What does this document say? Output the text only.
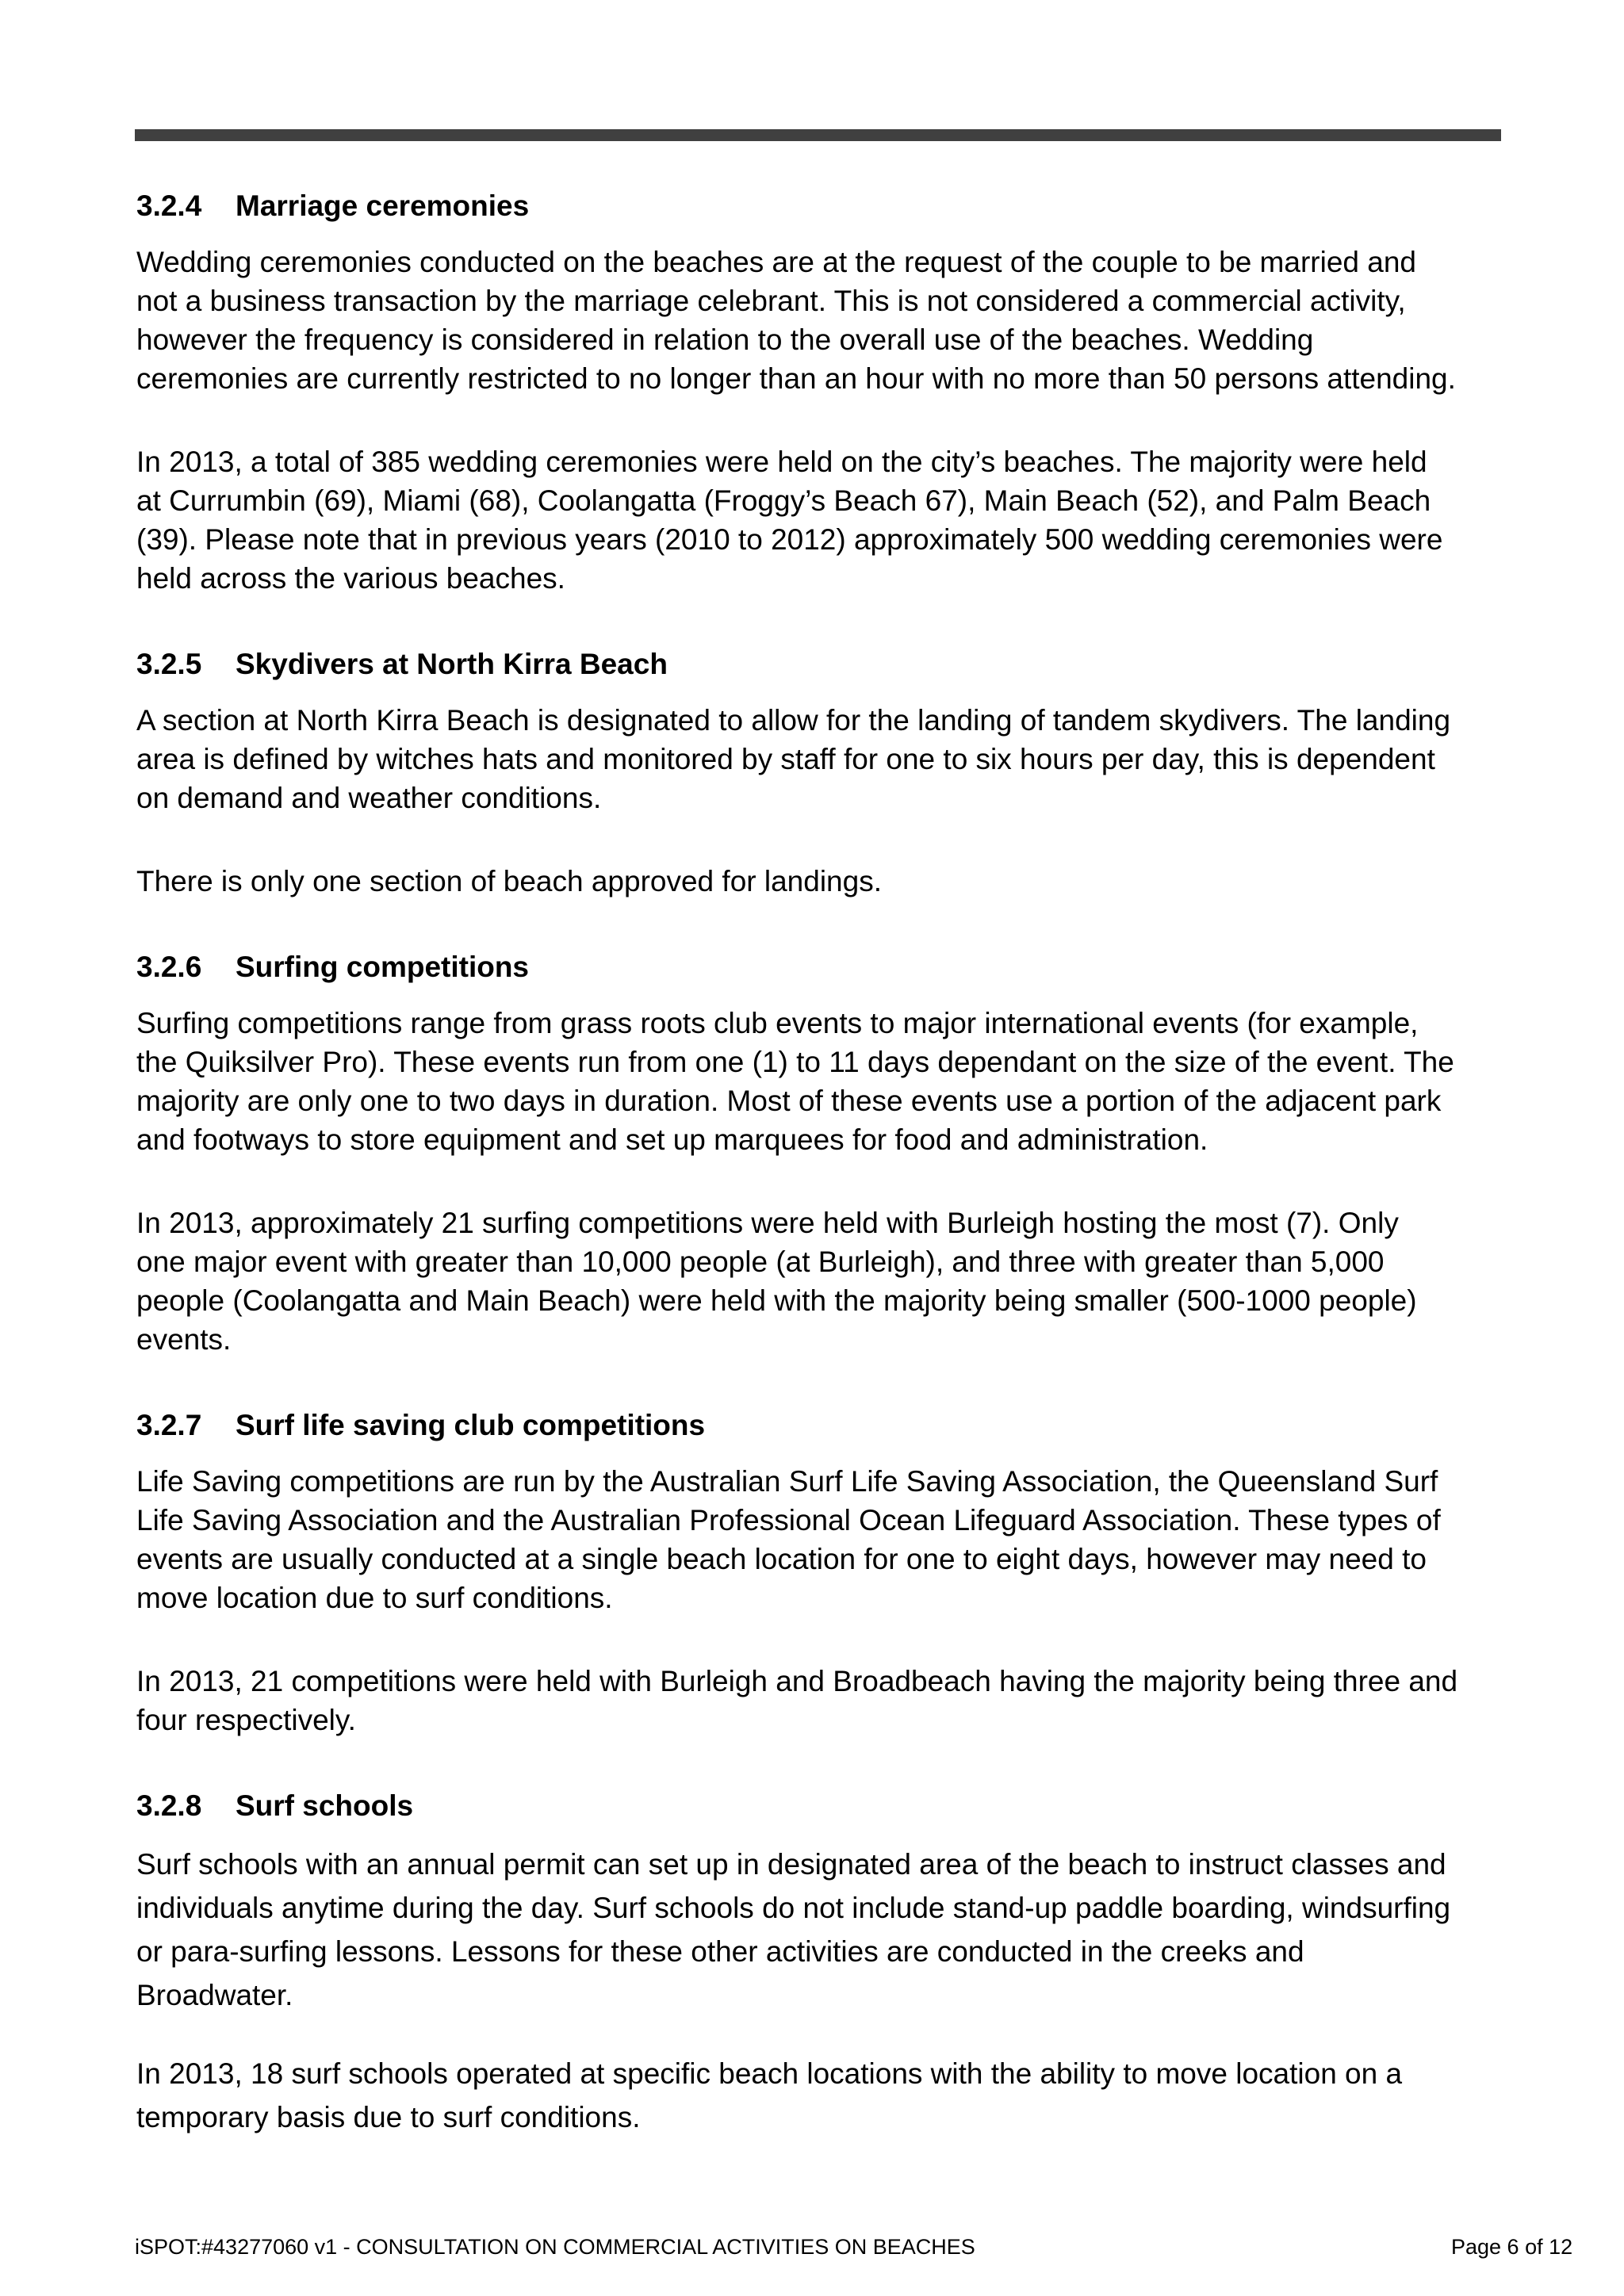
3.2.4 Marriage ceremonies

Wedding ceremonies conducted on the beaches are at the request of the couple to be married and
not a business transaction by the marriage celebrant. This is not considered a commercial activity,
however the frequency is considered in relation to the overall use of the beaches. Wedding
ceremonies are currently restricted to no longer than an hour with no more than 50 persons attending.

In 2013, a total of 385 wedding ceremonies were held on the city’s beaches. The majority were held
at Currumbin (69), Miami (68), Coolangatta (Froggy’s Beach 67), Main Beach (52), and Palm Beach
(39). Please note that in previous years (2010 to 2012) approximately 500 wedding ceremonies were
held across the various beaches.

3.2.5 Skydivers at North Kirra Beach

A section at North Kirra Beach is designated to allow for the landing of tandem skydivers. The landing
area is defined by witches hats and monitored by staff for one to six hours per day, this is dependent
on demand and weather conditions.

There is only one section of beach approved for landings.

3.2.6 Surfing competitions

Surfing competitions range from grass roots club events to major international events (for example,
the Quiksilver Pro). These events run from one (1) to 11 days dependant on the size of the event. The
majority are only one to two days in duration. Most of these events use a portion of the adjacent park
and footways to store equipment and set up marquees for food and administration.

In 2013, approximately 21 surfing competitions were held with Burleigh hosting the most (7). Only
one major event with greater than 10,000 people (at Burleigh), and three with greater than 5,000
people (Coolangatta and Main Beach) were held with the majority being smaller (500-1000 people)
events.

3.2.7 Surf life saving club competitions

Life Saving competitions are run by the Australian Surf Life Saving Association, the Queensland Surf
Life Saving Association and the Australian Professional Ocean Lifeguard Association. These types of
events are usually conducted at a single beach location for one to eight days, however may need to
move location due to surf conditions.

In 2013, 21 competitions were held with Burleigh and Broadbeach having the majority being three and
four respectively.

3.2.8 Surf schools

Surf schools with an annual permit can set up in designated area of the beach to instruct classes and
individuals anytime during the day. Surf schools do not include stand-up paddle boarding, windsurfing
or para-surfing lessons. Lessons for these other activities are conducted in the creeks and
Broadwater.

In 2013, 18 surf schools operated at specific beach locations with the ability to move location on a
temporary basis due to surf conditions.

iSPOT:#43277060 v1 - CONSULTATION ON COMMERCIAL ACTIVITIES ON BEACHES	Page 6 of 12
